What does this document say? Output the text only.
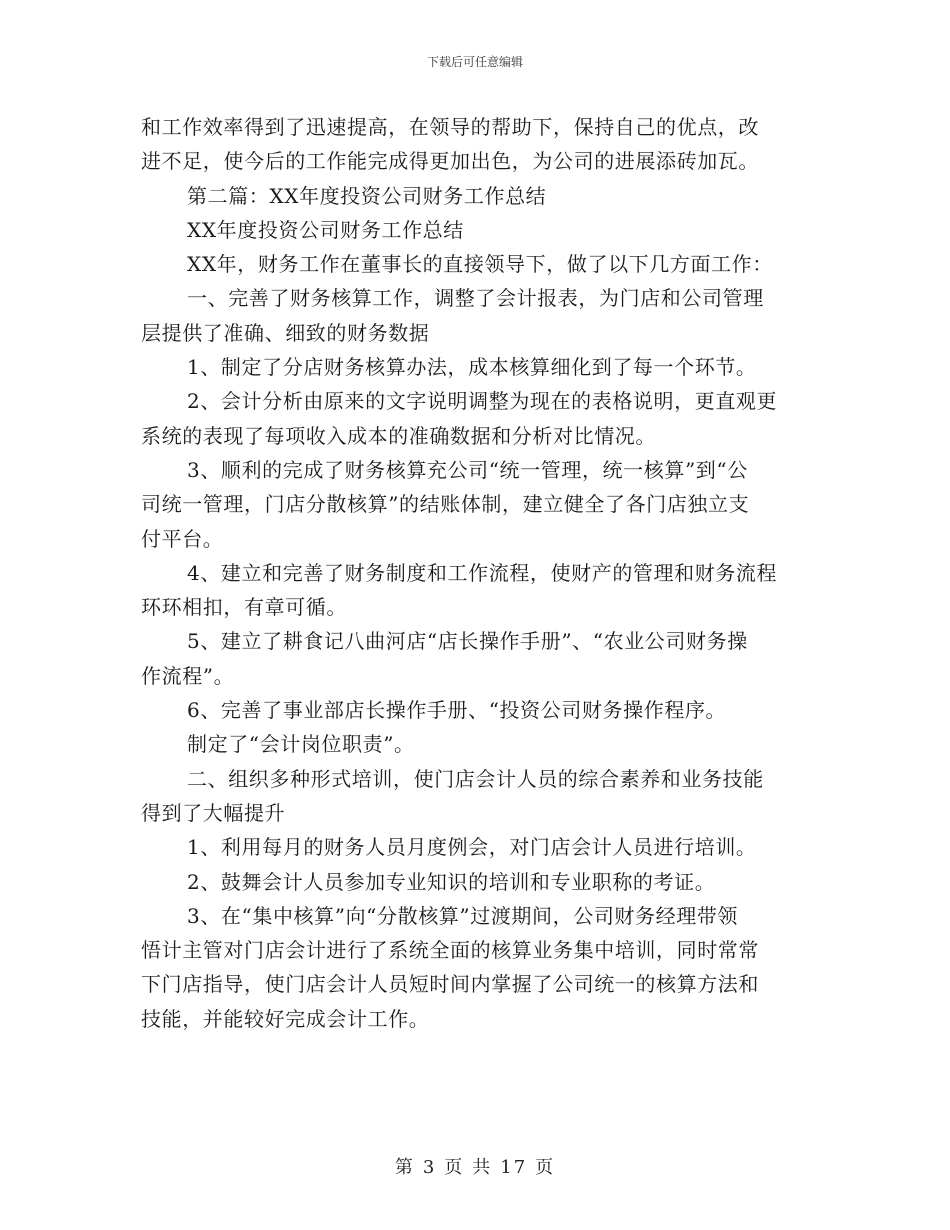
下载后可任意编辑
和工作效率得到了迅速提高，在领导的帮助下，保持自己的优点，改
进不足，使今后的工作能完成得更加出色，为公司的进展添砖加瓦。
第二篇：XX年度投资公司财务工作总结
XX年度投资公司财务工作总结
XX年，财务工作在董事长的直接领导下，做了以下几方面工作：
一、完善了财务核算工作，调整了会计报表，为门店和公司管理
层提供了准确、细致的财务数据
1、制定了分店财务核算办法，成本核算细化到了每一个环节。
2、会计分析由原来的文字说明调整为现在的表格说明，更直观更
系统的表现了每项收入成本的准确数据和分析对比情况。
3、顺利的完成了财务核算充公司“统一管理，统一核算”到“公
司统一管理，门店分散核算”的结账体制，建立健全了各门店独立支
付平台。
4、建立和完善了财务制度和工作流程，使财产的管理和财务流程
环环相扣，有章可循。
5、建立了耕食记八曲河店“店长操作手册”、“农业公司财务操
作流程”。
6、完善了事业部店长操作手册、“投资公司财务操作程序。
制定了“会计岗位职责”。
二、组织多种形式培训，使门店会计人员的综合素养和业务技能
得到了大幅提升
1、利用每月的财务人员月度例会，对门店会计人员进行培训。
2、鼓舞会计人员参加专业知识的培训和专业职称的考证。
3、在“集中核算”向“分散核算”过渡期间，公司财务经理带领
悟计主管对门店会计进行了系统全面的核算业务集中培训，同时常常
下门店指导，使门店会计人员短时间内掌握了公司统一的核算方法和
技能，并能较好完成会计工作。
第 3 页 共 17 页
